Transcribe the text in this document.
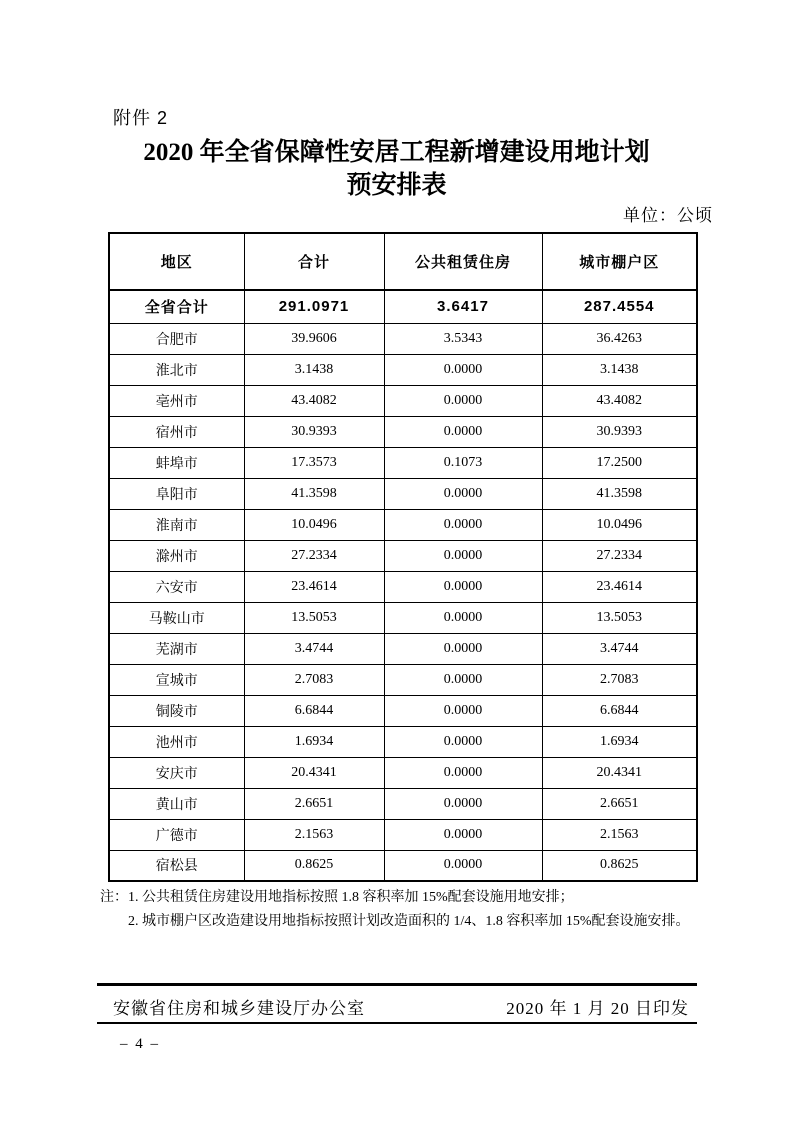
附件 2
2020 年全省保障性安居工程新增建设用地计划
预安排表
单位：公顷
地区	合计	公共租赁住房	城市棚户区
全省合计	291.0971	3.6417	287.4554
合肥市	39.9606	3.5343	36.4263
淮北市	3.1438	0.0000	3.1438
亳州市	43.4082	0.0000	43.4082
宿州市	30.9393	0.0000	30.9393
蚌埠市	17.3573	0.1073	17.2500
阜阳市	41.3598	0.0000	41.3598
淮南市	10.0496	0.0000	10.0496
滁州市	27.2334	0.0000	27.2334
六安市	23.4614	0.0000	23.4614
马鞍山市	13.5053	0.0000	13.5053
芜湖市	3.4744	0.0000	3.4744
宣城市	2.7083	0.0000	2.7083
铜陵市	6.6844	0.0000	6.6844
池州市	1.6934	0.0000	1.6934
安庆市	20.4341	0.0000	20.4341
黄山市	2.6651	0.0000	2.6651
广德市	2.1563	0.0000	2.1563
宿松县	0.8625	0.0000	0.8625
注：1. 公共租赁住房建设用地指标按照 1.8 容积率加 15%配套设施用地安排；
2. 城市棚户区改造建设用地指标按照计划改造面积的 1/4、1.8 容积率加 15%配套设施安排。
安徽省住房和城乡建设厅办公室	2020 年 1 月 20 日印发
– 4 –
